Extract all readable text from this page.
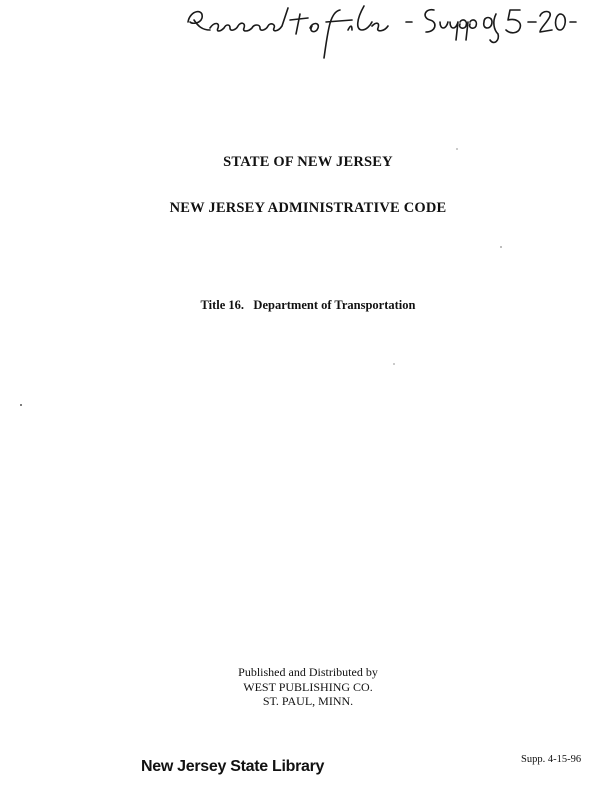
STATE OF NEW JERSEY
NEW JERSEY ADMINISTRATIVE CODE
Title 16.   Department of Transportation
Published and Distributed by
WEST PUBLISHING CO.
ST. PAUL, MINN.
New Jersey State Library	Supp. 4-15-96
